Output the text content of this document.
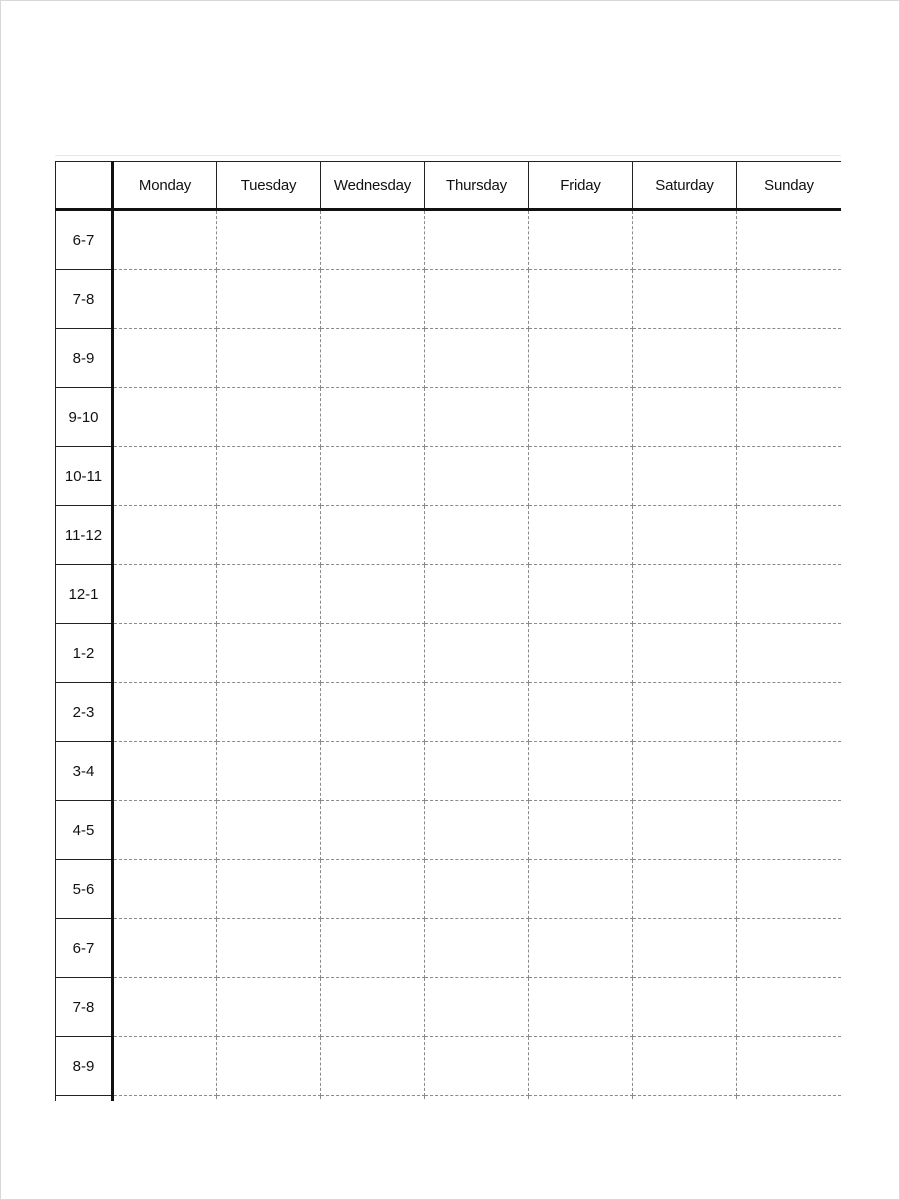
	Monday	Tuesday	Wednesday	Thursday	Friday	Saturday	Sunday
6-7							
7-8							
8-9							
9-10							
10-11							
11-12							
12-1							
1-2							
2-3							
3-4							
4-5							
5-6							
6-7							
7-8							
8-9							
